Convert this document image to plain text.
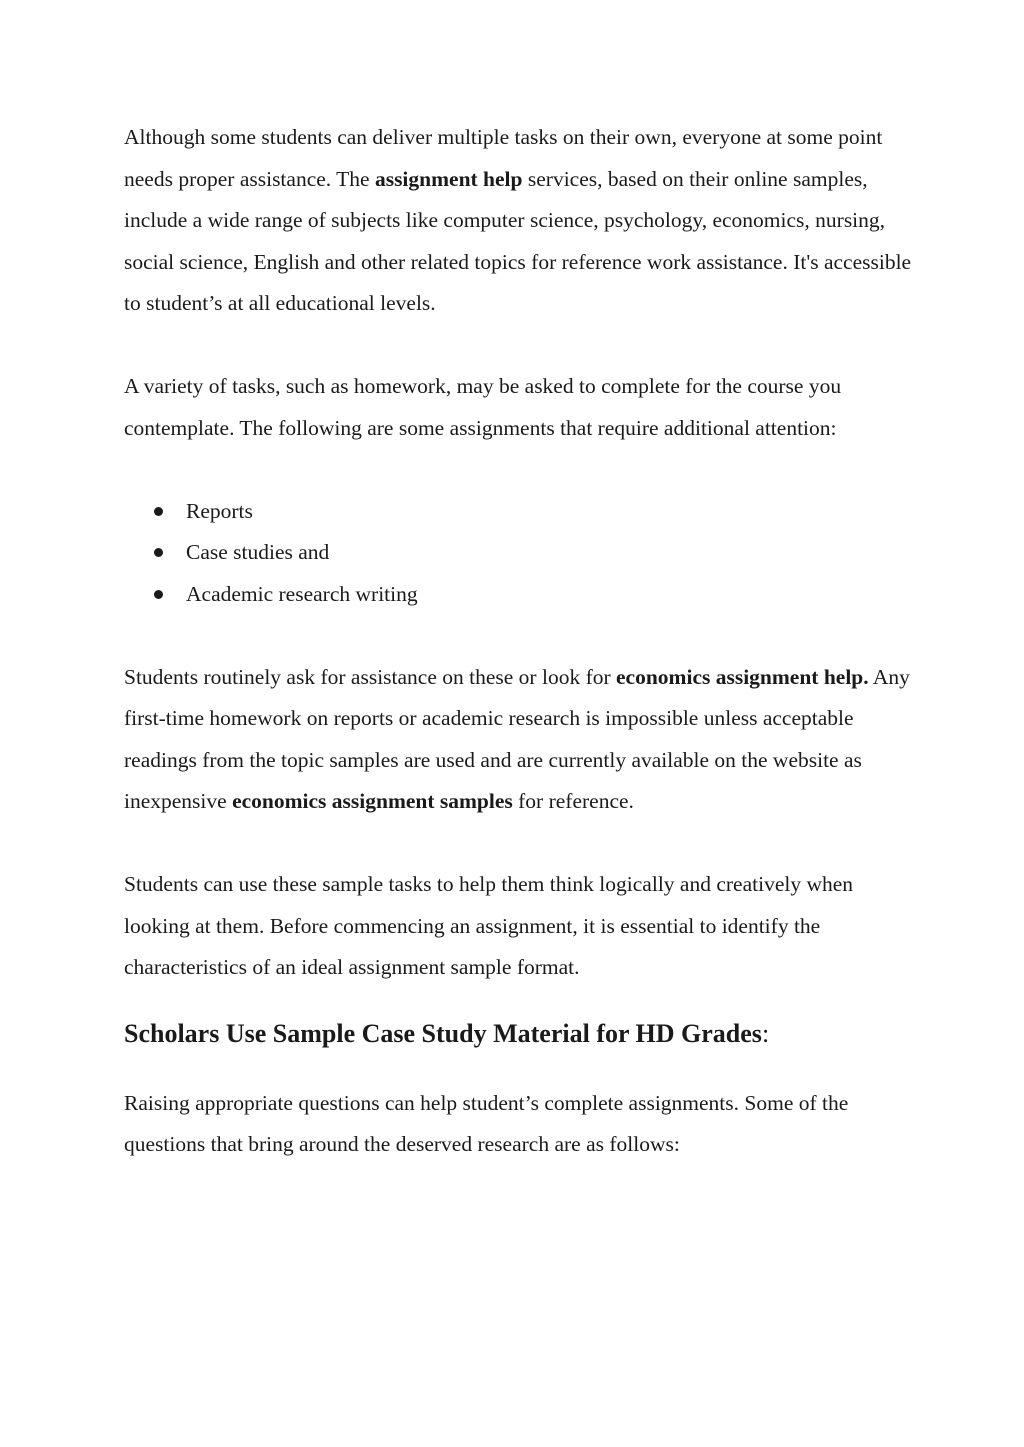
Although some students can deliver multiple tasks on their own, everyone at some point needs proper assistance. The assignment help services, based on their online samples, include a wide range of subjects like computer science, psychology, economics, nursing, social science, English and other related topics for reference work assistance. It's accessible to student’s at all educational levels.

A variety of tasks, such as homework, may be asked to complete for the course you contemplate. The following are some assignments that require additional attention:

Reports
Case studies and
Academic research writing

Students routinely ask for assistance on these or look for economics assignment help. Any first-time homework on reports or academic research is impossible unless acceptable readings from the topic samples are used and are currently available on the website as inexpensive economics assignment samples for reference.

Students can use these sample tasks to help them think logically and creatively when looking at them. Before commencing an assignment, it is essential to identify the characteristics of an ideal assignment sample format.

Scholars Use Sample Case Study Material for HD Grades:

Raising appropriate questions can help student’s complete assignments. Some of the questions that bring around the deserved research are as follows:
